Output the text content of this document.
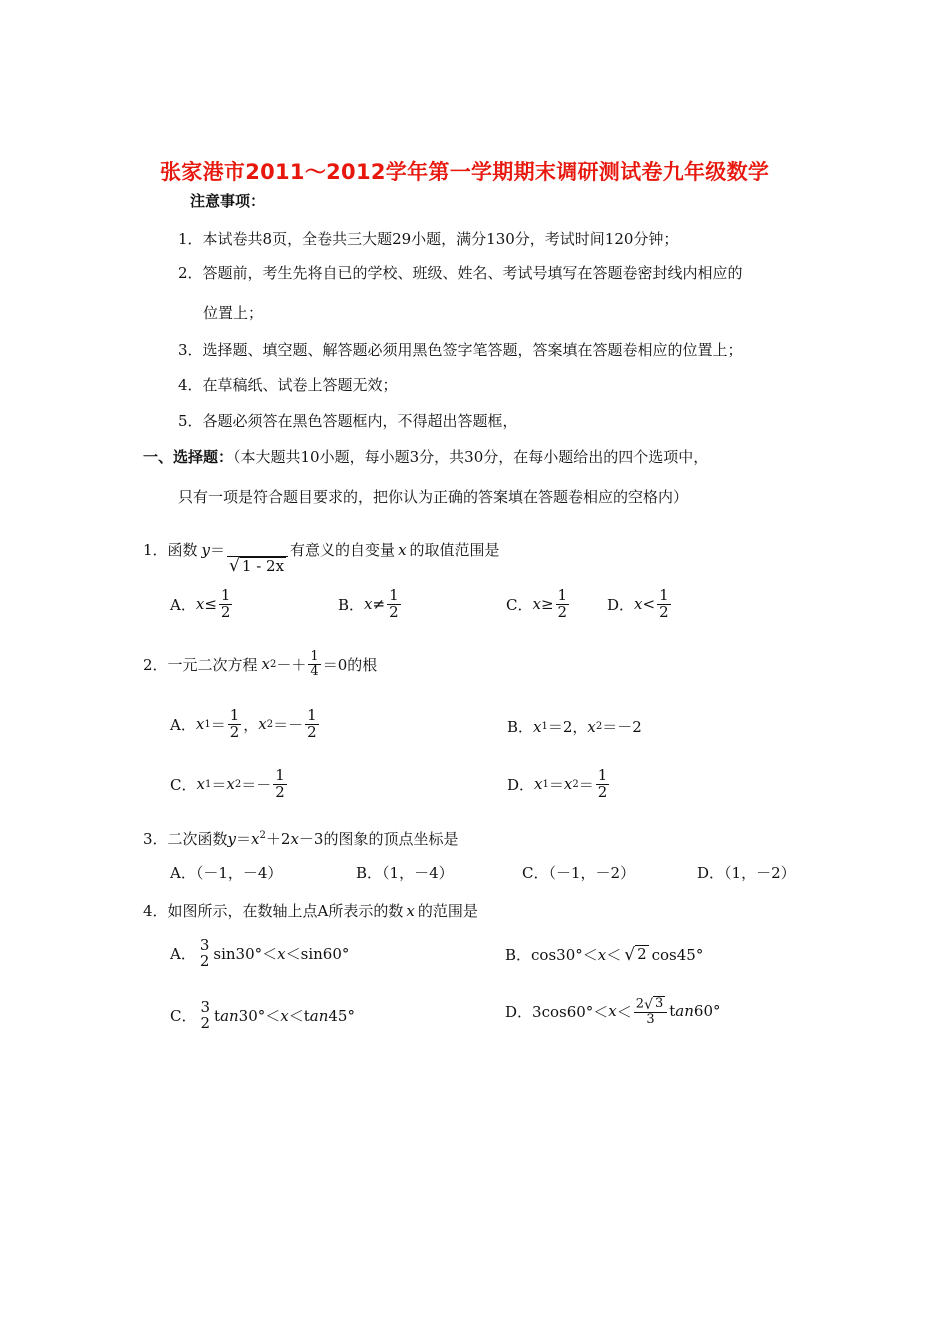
张家港市2011～2012学年第一学期期末调研测试卷九年级数学
注意事项：
1．本试卷共8页，全卷共三大题29小题，满分130分，考试时间120分钟；
2．答题前，考生先将自已的学校、班级、姓名、考试号填写在答题卷密封线内相应的
位置上；
3．选择题、填空题、解答题必须用黑色签字笔答题，答案填在答题卷相应的位置上；
4．在草稿纸、试卷上答题无效；
5．各题必须答在黑色答题框内，不得超出答题框，
一、选择题：（本大题共10小题，每小题3分，共30分，在每小题给出的四个选项中，
只有一项是符合题目要求的，把你认为正确的答案填在答题卷相应的空格内）
1．函数 y ＝

√ 1 - 2x
有意义的自变量 x 的取值范围是
A． $x \le \frac{1}{2}$	B． $x \ne \frac{1}{2}$	C． $x \ge \frac{1}{2}$	D． $x < \frac{1}{2}$
2．一元二次方程 x $2 -+ \frac{1}{4} =0$的根
A． x $1 = \frac{1}{2}$ ， x $2 =- \frac{1}{2}$	B． x 1 ＝2， x 2 ＝－2
C． x 1 ＝ x $2 =- \frac{1}{2}$	D． x 1 ＝ x $2 = \frac{1}{2}$
3．二次函数$y=x^2+2x-3$的图象的顶点坐标是
A．（－1，－4）	B．（1，－4）	C．（－1，－2）	D．（1，－2）
4．如图所示，在数轴上点A所表示的数 x 的范围是
A．
3
2 sin30°＜ x ＜ sin60°	B． cos30°＜ x ＜ √ 2 cos45°
C．
3
2 t an 30°＜ x ＜ t an 45°	D． $3\cos 60^\circ< x < \frac{2 √ 3}{3}$ t an 60°
